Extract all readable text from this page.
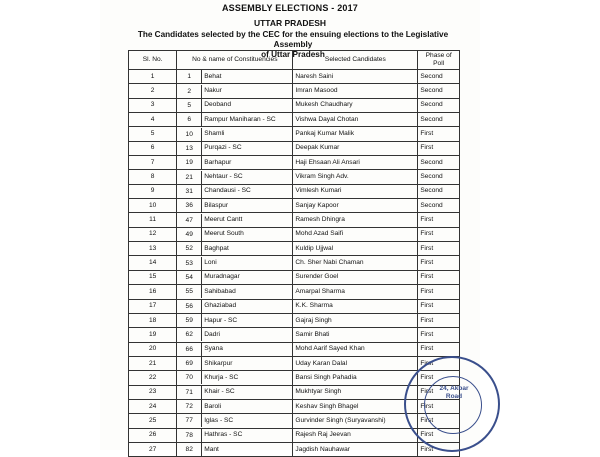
ASSEMBLY ELECTIONS - 2017
UTTAR PRADESH
The Candidates selected by the CEC for the ensuing elections to the Legislative Assembly
of Uttar Pradesh
Sl. No.	No & name of Constituencies	Selected Candidates	Phase of Poll
1	1 Behat	Naresh Saini	Second
2	2 Nakur	Imran Masood	Second
3	5 Deoband	Mukesh Chaudhary	Second
4	6 Rampur Maniharan - SC	Vishwa Dayal Chotan	Second
5	10 Shamli	Pankaj Kumar Malik	First
6	13 Purqazi - SC	Deepak Kumar	First
7	19 Barhapur	Haji Ehsaan Ali Ansari	Second
8	21 Nehtaur - SC	Vikram Singh Adv.	Second
9	31 Chandausi - SC	Vimlesh Kumari	Second
10	36 Bilaspur	Sanjay Kapoor	Second
11	47 Meerut Cantt	Ramesh Dhingra	First
12	49 Meerut South	Mohd Azad Saifi	First
13	52 Baghpat	Kuldip Ujjwal	First
14	53 Loni	Ch. Sher Nabi Chaman	First
15	54 Muradnagar	Surender Goel	First
16	55 Sahibabad	Amarpal Sharma	First
17	56 Ghaziabad	K.K. Sharma	First
18	59 Hapur - SC	Gajraj Singh	First
19	62 Dadri	Samir Bhati	First
20	66 Syana	Mohd Aarif Sayed Khan	First
21	69 Shikarpur	Uday Karan Dalal	First
22	70 Khurja - SC	Bansi Singh Pahadia	First
23	71 Khair - SC	Mukhtyar Singh	First
24	72 Baroli	Keshav Singh Bhagel	First
25	77 Iglas - SC	Gurvinder Singh (Suryavanshi)	First
26	78 Hathras - SC	Rajesh Raj Jeevan	First
27	82 Mant	Jagdish Nauhawar	First
24, Akbar
Road
